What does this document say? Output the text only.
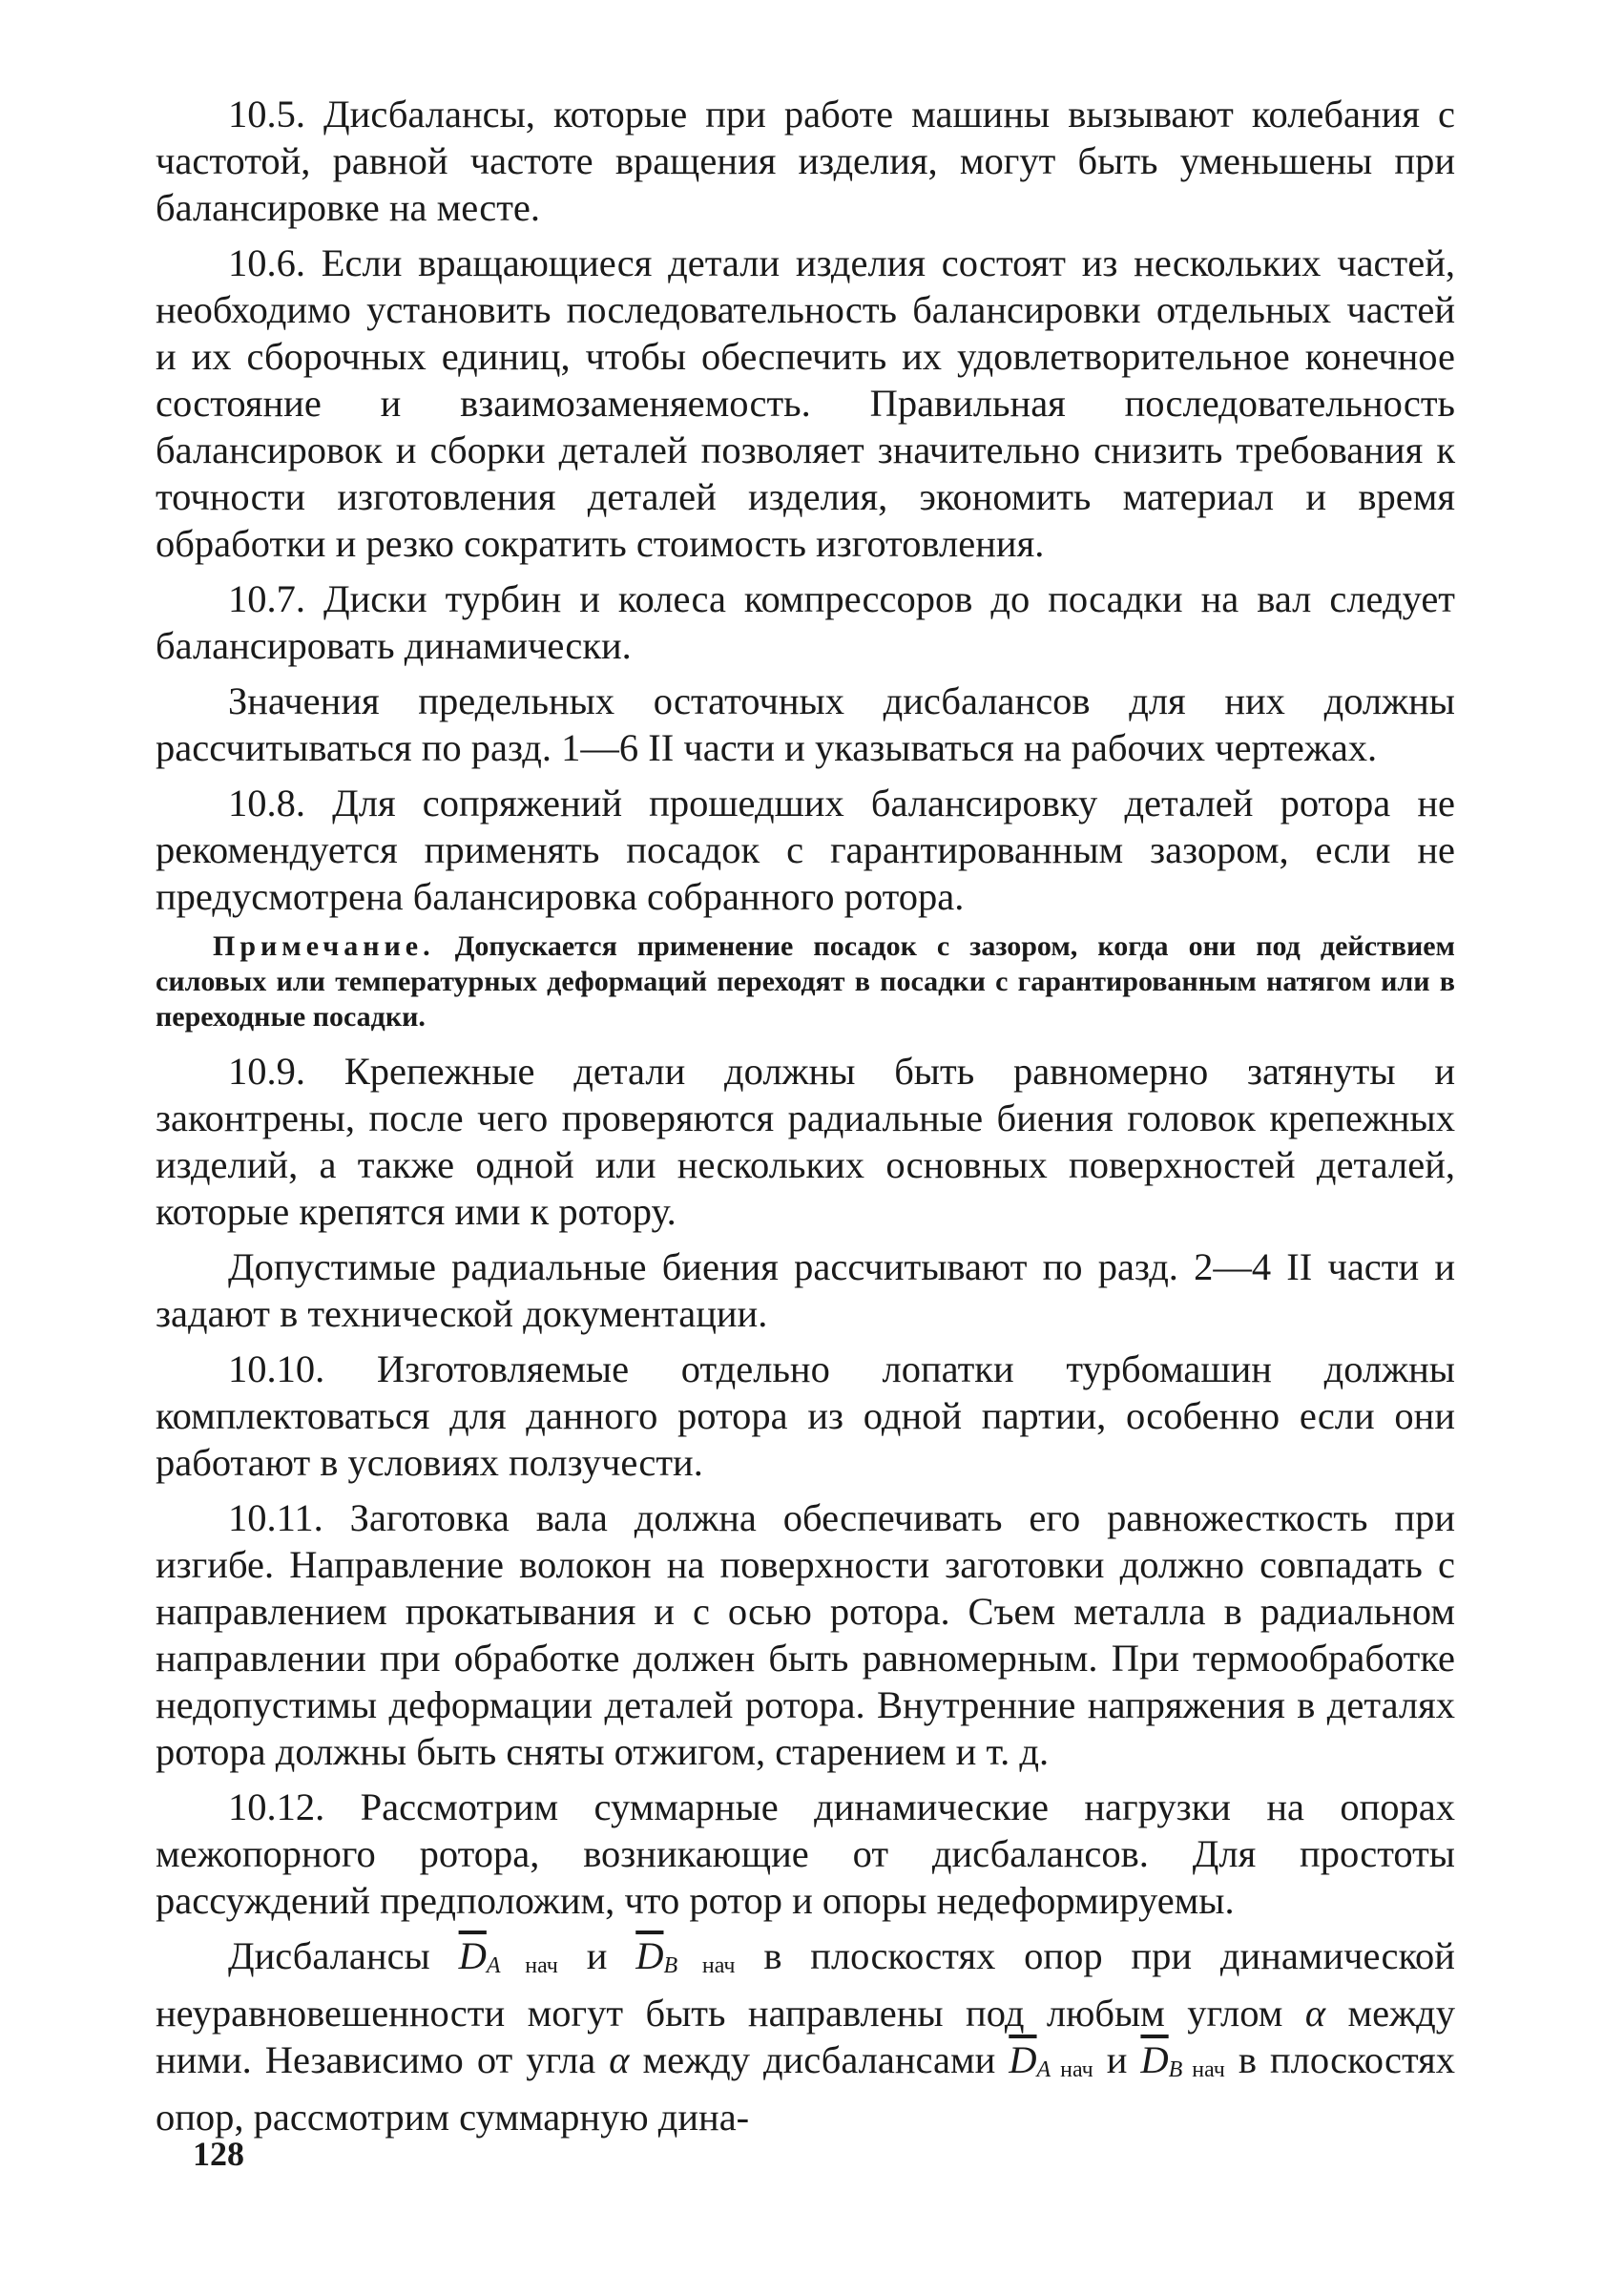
10.5. Дисбалансы, которые при работе машины вызывают колебания с частотой, равной частоте вращения изделия, могут быть уменьшены при балансировке на месте.

10.6. Если вращающиеся детали изделия состоят из нескольких частей, необходимо установить последовательность балансировки отдельных частей и их сборочных единиц, чтобы обеспечить их удовлетворительное конечное состояние и взаимозаменяемость. Правильная последовательность балансировок и сборки деталей позволяет значительно снизить требования к точности изготовления деталей изделия, экономить материал и время обработки и резко сократить стоимость изготовления.

10.7. Диски турбин и колеса компрессоров до посадки на вал следует балансировать динамически.

Значения предельных остаточных дисбалансов для них должны рассчитываться по разд. 1—6 II части и указываться на рабочих чертежах.

10.8. Для сопряжений прошедших балансировку деталей ротора не рекомендуется применять посадок с гарантированным зазором, если не предусмотрена балансировка собранного ротора.

Примечание. Допускается применение посадок с зазором, когда они под действием силовых или температурных деформаций переходят в посадки с гарантированным натягом или в переходные посадки.

10.9. Крепежные детали должны быть равномерно затянуты и законтрены, после чего проверяются радиальные биения головок крепежных изделий, а также одной или нескольких основных поверхностей деталей, которые крепятся ими к ротору.

Допустимые радиальные биения рассчитывают по разд. 2—4 II части и задают в технической документации.

10.10. Изготовляемые отдельно лопатки турбомашин должны комплектоваться для данного ротора из одной партии, особенно если они работают в условиях ползучести.

10.11. Заготовка вала должна обеспечивать его равножесткость при изгибе. Направление волокон на поверхности заготовки должно совпадать с направлением прокатывания и с осью ротора. Съем металла в радиальном направлении при обработке должен быть равномерным. При термообработке недопустимы деформации деталей ротора. Внутренние напряжения в деталях ротора должны быть сняты отжигом, старением и т. д.

10.12. Рассмотрим суммарные динамические нагрузки на опорах межопорного ротора, возникающие от дисбалансов. Для простоты рассуждений предположим, что ротор и опоры недеформируемы.

Дисбалансы $\overline{D}A$ нач и $\overline{D}B$ нач в плоскостях опор при динамической неуравновешенности могут быть направлены под любым углом α между ними. Независимо от угла α между дисбалансами $\overline{D}A$ нач и $\overline{D}B$ нач в плоскостях опор, рассмотрим суммарную дина-

128
